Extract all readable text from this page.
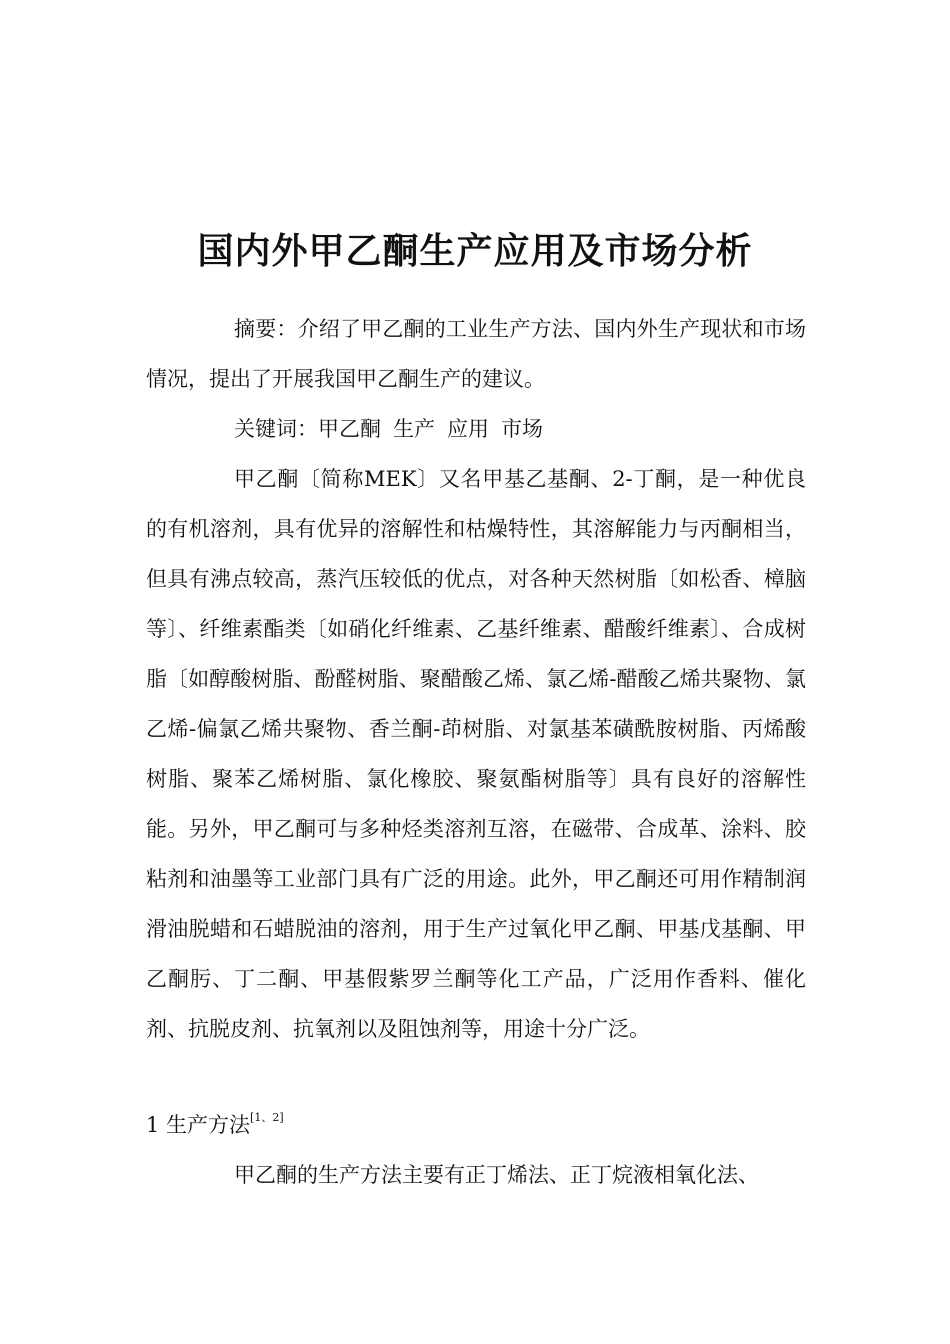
国内外甲乙酮生产应用及市场分析

摘要：介绍了甲乙酮的工业生产方法、国内外生产现状和市场情况，提出了开展我国甲乙酮生产的建议。

关键词：甲乙酮 生产 应用 市场

甲乙酮〔简称MEK〕又名甲基乙基酮、2-丁酮，是一种优良的有机溶剂，具有优异的溶解性和枯燥特性，其溶解能力与丙酮相当，但具有沸点较高，蒸汽压较低的优点，对各种天然树脂〔如松香、樟脑等〕、纤维素酯类〔如硝化纤维素、乙基纤维素、醋酸纤维素〕、合成树脂〔如醇酸树脂、酚醛树脂、聚醋酸乙烯、氯乙烯-醋酸乙烯共聚物、氯乙烯-偏氯乙烯共聚物、香兰酮-茚树脂、对氯基苯磺酰胺树脂、丙烯酸树脂、聚苯乙烯树脂、氯化橡胶、聚氨酯树脂等〕具有良好的溶解性能。另外，甲乙酮可与多种烃类溶剂互溶，在磁带、合成革、涂料、胶粘剂和油墨等工业部门具有广泛的用途。此外，甲乙酮还可用作精制润滑油脱蜡和石蜡脱油的溶剂，用于生产过氧化甲乙酮、甲基戊基酮、甲乙酮肟、丁二酮、甲基假紫罗兰酮等化工产品，广泛用作香料、催化剂、抗脱皮剂、抗氧剂以及阻蚀剂等，用途十分广泛。

1 生产方法[1、2]

甲乙酮的生产方法主要有正丁烯法、正丁烷液相氧化法、
